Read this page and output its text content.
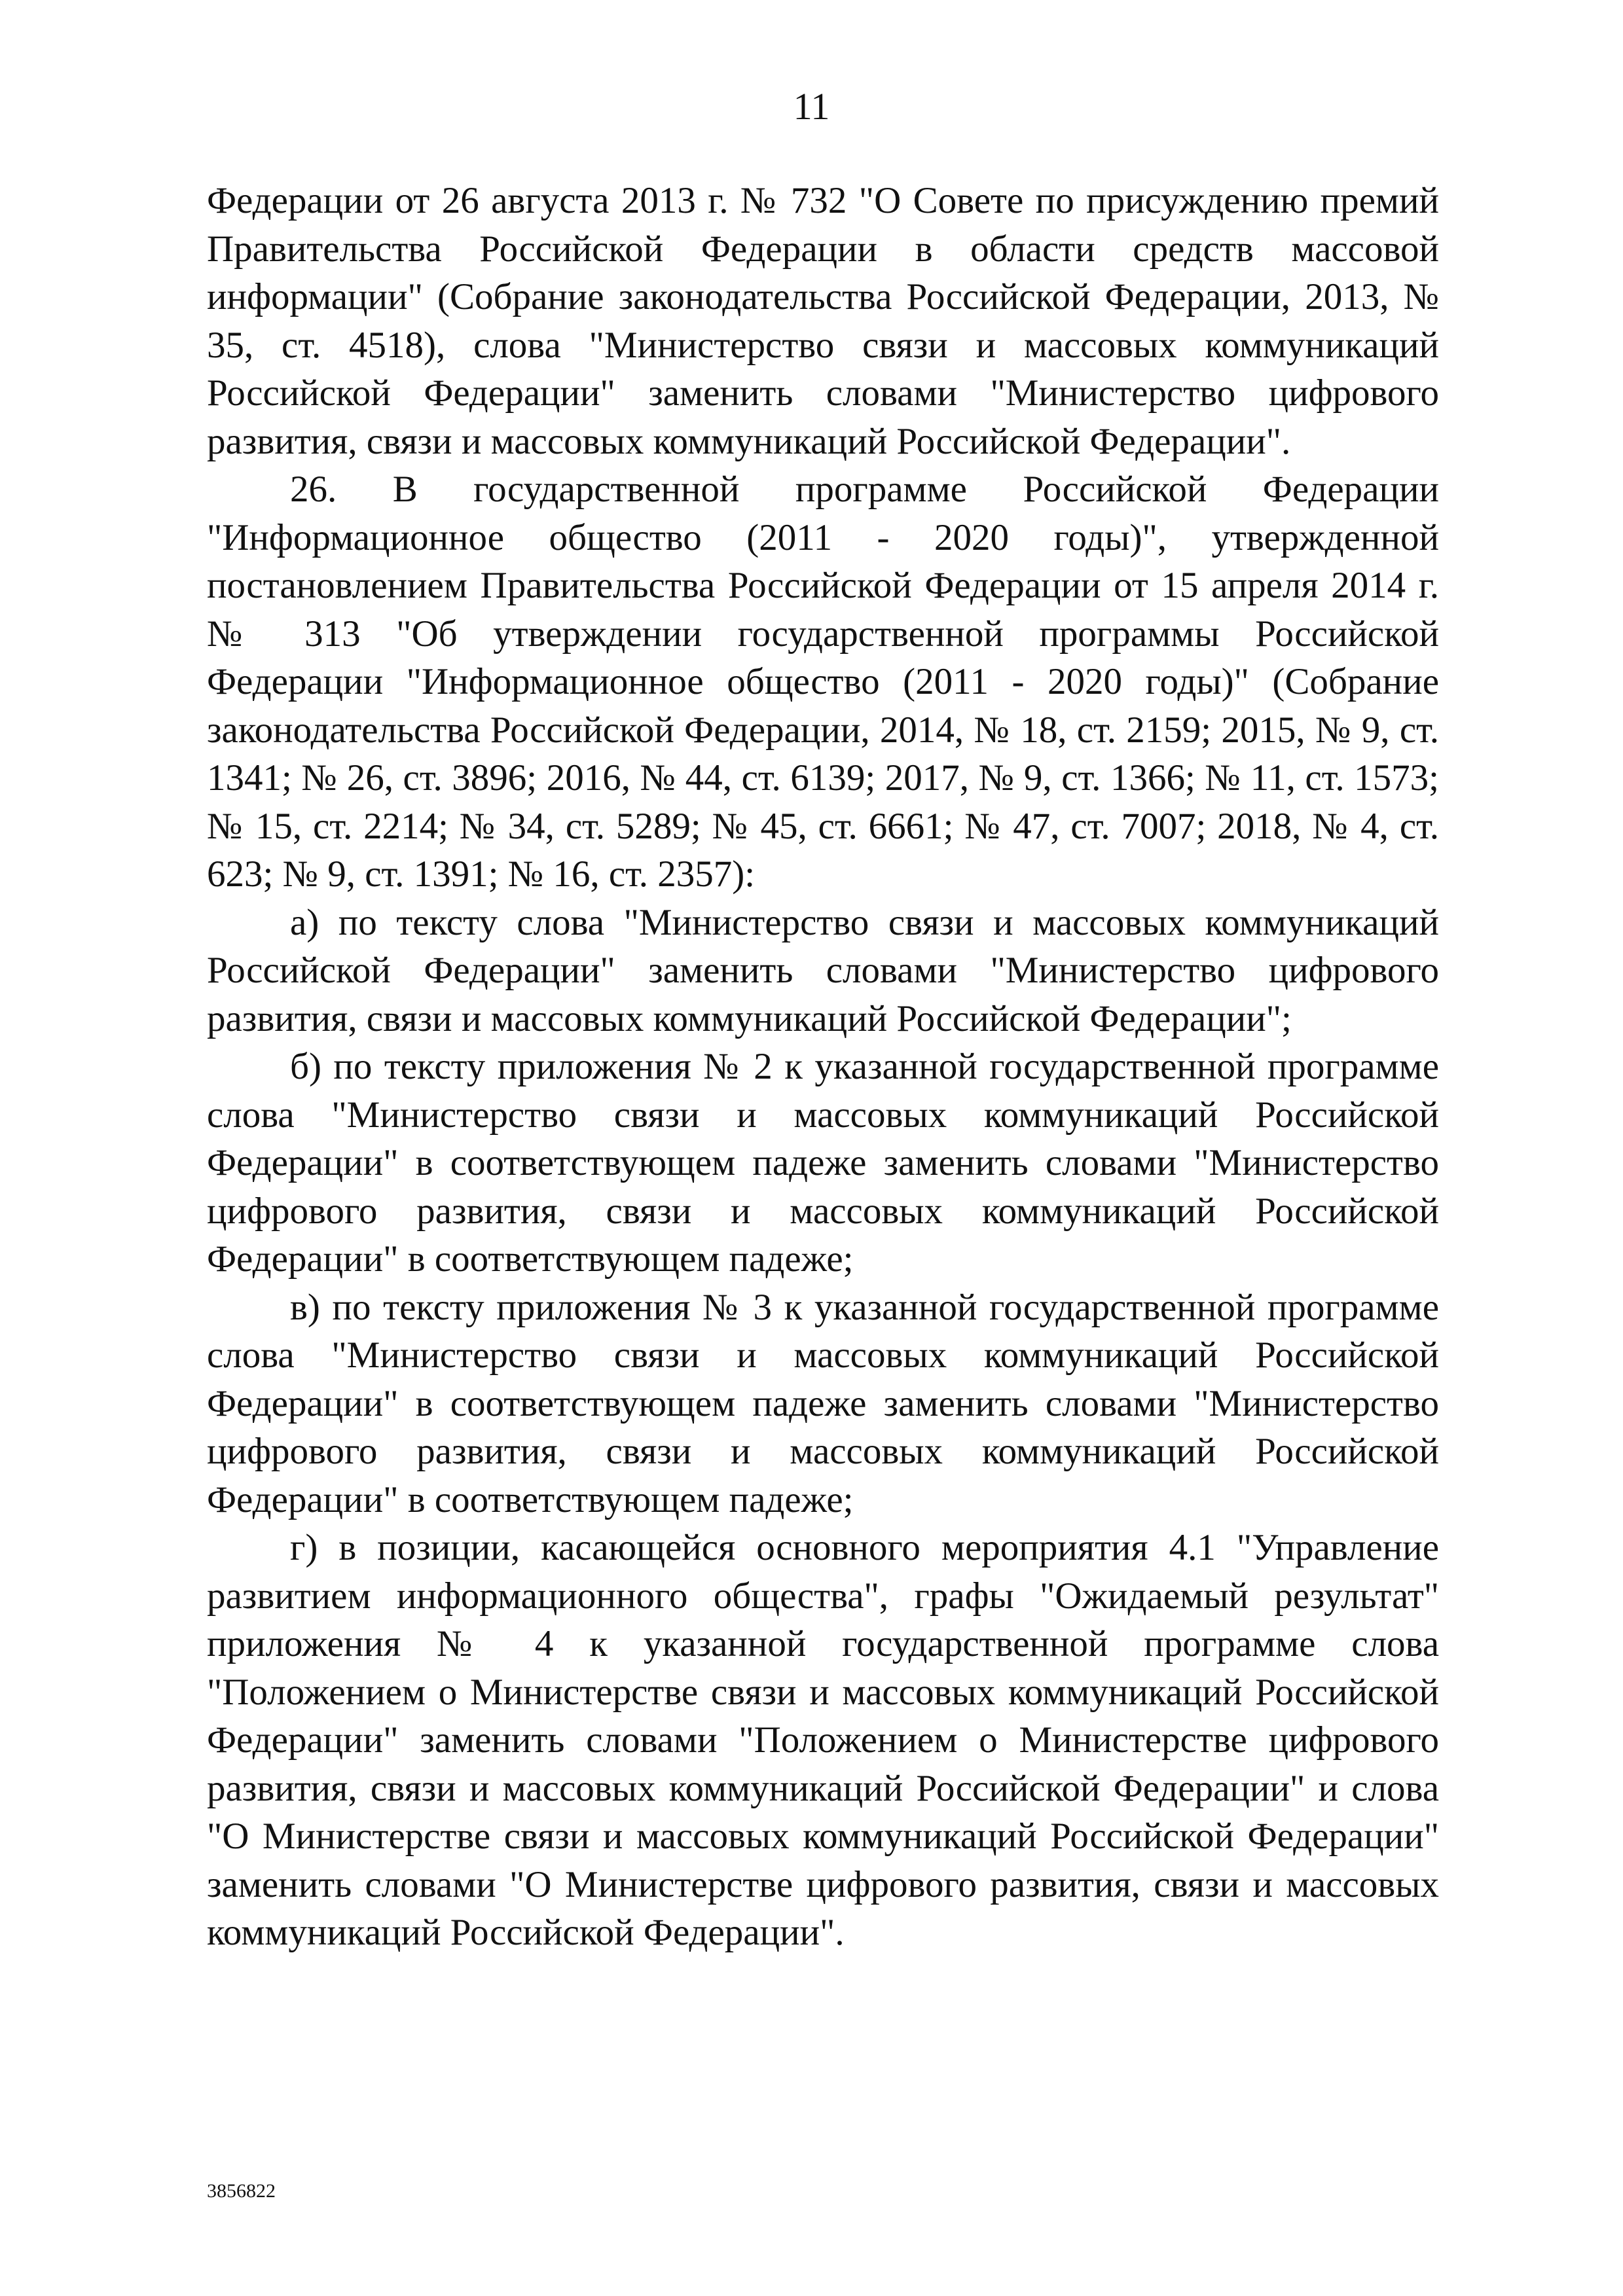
11

Федерации от 26 августа 2013 г. № 732 "О Совете по присуждению премий Правительства Российской Федерации в области средств массовой информации" (Собрание законодательства Российской Федерации, 2013, № 35, ст. 4518), слова "Министерство связи и массовых коммуникаций Российской Федерации" заменить словами "Министерство цифрового развития, связи и массовых коммуникаций Российской Федерации".

26. В государственной программе Российской Федерации "Информационное общество (2011 - 2020 годы)", утвержденной постановлением Правительства Российской Федерации от 15 апреля 2014 г. № 313 "Об утверждении государственной программы Российской Федерации "Информационное общество (2011 - 2020 годы)" (Собрание законодательства Российской Федерации, 2014, № 18, ст. 2159; 2015, № 9, ст. 1341; № 26, ст. 3896; 2016, № 44, ст. 6139; 2017, № 9, ст. 1366; № 11, ст. 1573; № 15, ст. 2214; № 34, ст. 5289; № 45, ст. 6661; № 47, ст. 7007; 2018, № 4, ст. 623; № 9, ст. 1391; № 16, ст. 2357):

а) по тексту слова "Министерство связи и массовых коммуникаций Российской Федерации" заменить словами "Министерство цифрового развития, связи и массовых коммуникаций Российской Федерации";

б) по тексту приложения № 2 к указанной государственной программе слова "Министерство связи и массовых коммуникаций Российской Федерации" в соответствующем падеже заменить словами "Министерство цифрового развития, связи и массовых коммуникаций Российской Федерации" в соответствующем падеже;

в) по тексту приложения № 3 к указанной государственной программе слова "Министерство связи и массовых коммуникаций Российской Федерации" в соответствующем падеже заменить словами "Министерство цифрового развития, связи и массовых коммуникаций Российской Федерации" в соответствующем падеже;

г) в позиции, касающейся основного мероприятия 4.1 "Управление развитием информационного общества", графы "Ожидаемый результат" приложения № 4 к указанной государственной программе слова "Положением о Министерстве связи и массовых коммуникаций Российской Федерации" заменить словами "Положением о Министерстве цифрового развития, связи и массовых коммуникаций Российской Федерации" и слова "О Министерстве связи и массовых коммуникаций Российской Федерации" заменить словами "О Министерстве цифрового развития, связи и массовых коммуникаций Российской Федерации".

3856822
